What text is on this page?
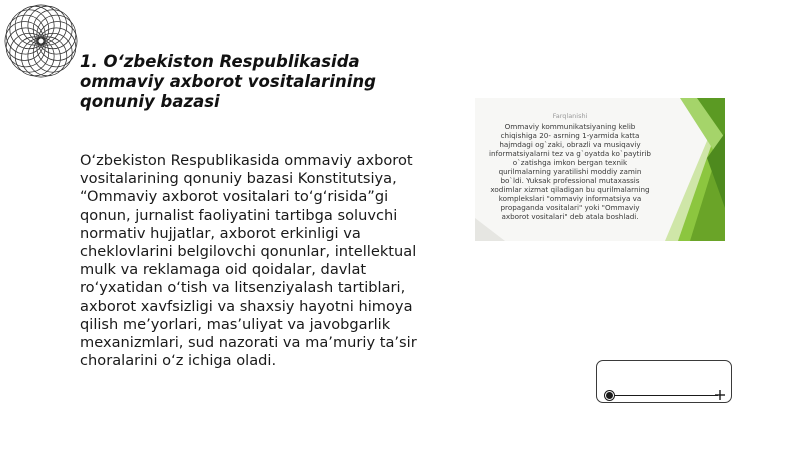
1. O‘zbekiston Respublikasida ommaviy axborot vositalarining qonuniy bazasi

O‘zbekiston Respublikasida ommaviy axborot vositalarining qonuniy bazasi Konstitutsiya, “Ommaviy axborot vositalari to‘g‘risida”gi qonun, jurnalist faoliyatini tartibga soluvchi normativ hujjatlar, axborot erkinligi va cheklovlarini belgilovchi qonunlar, intellektual mulk va reklamaga oid qoidalar, davlat ro‘yxatidan o‘tish va litsenziyalash tartiblari, axborot xavfsizligi va shaxsiy hayotni himoya qilish me’yorlari, mas’uliyat va javobgarlik mexanizmlari, sud nazorati va ma’muriy ta’sir choralarini o‘z ichiga oladi.

Farqlanishi
Ommaviy kommunikatsiyaning kelib chiqishiga 20- asrning 1-yarmida katta hajmdagi og`zaki, obrazli va musiqaviy informatsiyalarni tez va g`oyatda ko`paytirib o`zatishga imkon bergan texnik qurilmalarning yaratilishi moddiy zamin bo`ldi. Yuksak professional mutaxassis xodimlar xizmat qiladigan bu qurilmalarning komplekslari "ommaviy informatsiya va propaganda vositalari" yoki "Ommaviy axborot vositalari" deb atala boshladi.
